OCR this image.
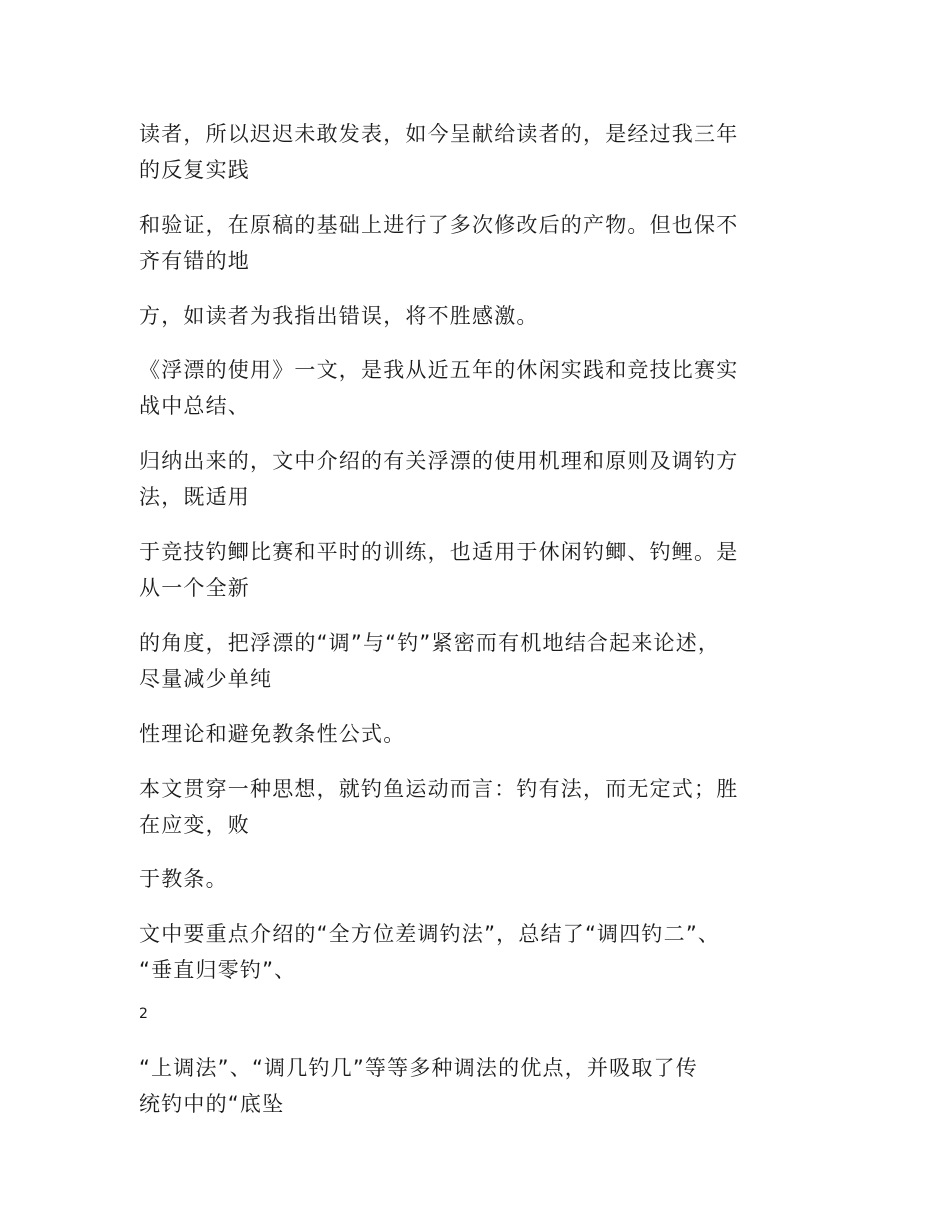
读者，所以迟迟未敢发表，如今呈献给读者的，是经过我三年
的反复实践

和验证，在原稿的基础上进行了多次修改后的产物。但也保不
齐有错的地

方，如读者为我指出错误，将不胜感激。

《浮漂的使用》一文，是我从近五年的休闲实践和竞技比赛实
战中总结、

归纳出来的，文中介绍的有关浮漂的使用机理和原则及调钓方
法，既适用

于竞技钓鲫比赛和平时的训练，也适用于休闲钓鲫、钓鲤。是
从一个全新

的角度，把浮漂的“调”与“钓”紧密而有机地结合起来论述，
尽量减少单纯

性理论和避免教条性公式。

本文贯穿一种思想，就钓鱼运动而言：钓有法，而无定式；胜
在应变，败

于教条。

文中要重点介绍的“全方位差调钓法”，总结了“调四钓二”、
“垂直归零钓”、

2

“上调法”、“调几钓几”等等多种调法的优点，并吸取了传
统钓中的“底坠
